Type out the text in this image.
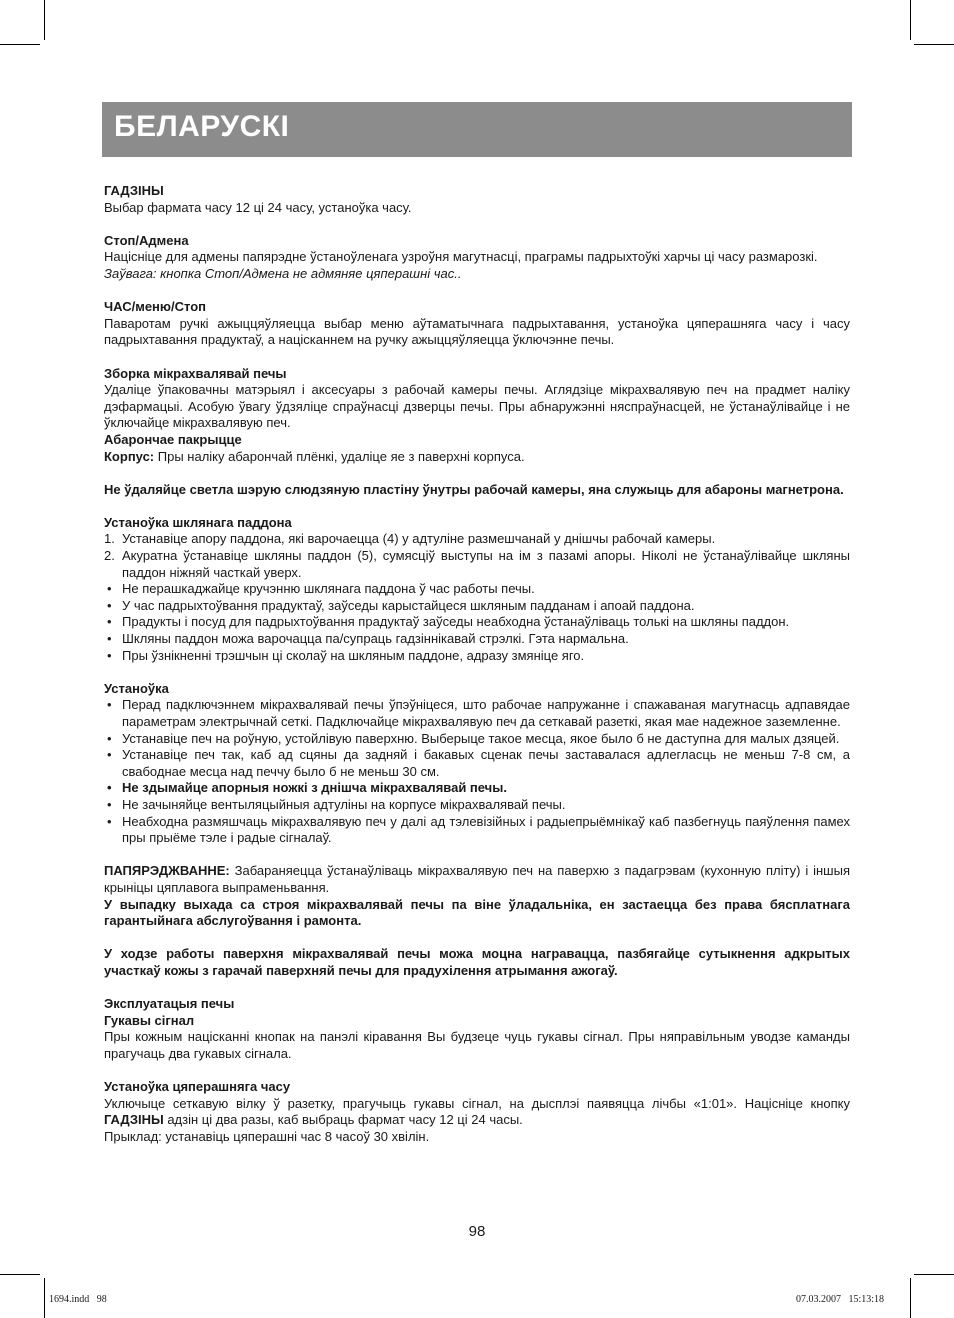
БЕЛАРУСКІ

ГАДЗІНЫ

Выбар фармата часу 12 ці 24 часу, устаноўка часу.

Стоп/Адмена

Націсніце для адмены папярэдне ўстаноўленага узроўня магутнасці, праграмы падрыхтоўкі харчы ці часу размарозкі.

Заўвага: кнопка Стоп/Адмена не адмяняе цяперашні час..

ЧАС/меню/Стоп

Паваротам ручкі ажыццяўляецца выбар меню аўтаматычнага падрыхтавання, устаноўка цяперашняга часу і часу падрыхтавання прадуктаў, а націсканнем на ручку ажыццяўляецца ўключэнне печы.

Зборка мікрахвалявай печы

Удаліце ўпаковачны матэрыял і аксесуары з рабочай камеры печы. Аглядзіце мікрахвалявую печ на прадмет наліку дэфармацыі. Асобую ўвагу ўдзяліце спраўнасці дзверцы печы. Пры абнаружэнні няспраўнасцей, не ўстанаўлівайце і не ўключайце мікрахвалявую печ.

Абарончае пакрыцце

Корпус: Пры наліку абарончай плёнкі, удаліце яе з паверхні корпуса.

Не ўдаляйце светла шэрую слюдзяную пластіну ўнутры рабочай камеры, яна служыць для абароны магнетрона.

Устаноўка шклянага паддона

1. Устанавіце апору паддона, які варочаецца (4) у адтуліне размешчанай у днішчы рабочай камеры.
2. Акуратна ўстанавіце шкляны паддон (5), сумясціў выступы на ім з пазамі апоры. Ніколі не ўстанаўлівайце шкляны паддон ніжняй часткай уверх.
• Не перашкаджайце кручэнню шклянага паддона ў час работы печы.
• У час падрыхтоўвання прадуктаў, заўседы карыстайцеся шкляным падданам і апоай паддона.
• Прадукты і посуд для падрыхтоўвання прадуктаў заўседы неабходна ўстанаўліваць толькі на шкляны паддон.
• Шкляны паддон можа варочацца па/супраць гадзіннікавай стрэлкі. Гэта нармальна.
• Пры ўзнікненні трэшчын ці сколаў на шкляным паддоне, адразу змяніце яго.

Устаноўка

• Перад падключэннем мікрахвалявай печы ўпэўніцеся, што рабочае напружанне і спажаваная магутнасць адпавядае параметрам электрычнай сеткі. Падключайце мікрахвалявую печ да сеткавай разеткі, якая мае надежное заземленне.
• Устанавіце печ на роўную, устойлівую паверхню. Выберыце такое месца, якое было б не даступна для малых дзяцей.
• Устанавіце печ так, каб ад сцяны да задняй і бакавых сценак печы заставалася адлегласць не меньш 7-8 см, а свабоднае месца над печчу было б не меньш 30 см.
• Не здымайце апорныя ножкі з днішча мікрахвалявай печы.
• Не зачыняйце вентыляцыйныя адтуліны на корпусе мікрахвалявай печы.
• Неабходна размяшчаць мікрахвалявую печ у далі ад тэлевізійных і радыепрыёмнікаў каб пазбегнуць паяўлення памех пры прыёме тэле і радые сігналаў.

ПАПЯРЭДЖВАННЕ: Забараняецца ўстанаўліваць мікрахвалявую печ на паверхю з падагрэвам (кухонную пліту) і іншыя крыніцы цяплавога выпраменьвання.

У выпадку выхада са строя мікрахвалявай печы па віне ўладальніка, ен застаецца без права бясплатнага гарантыйнага абслугоўвання і рамонта.

У ходзе работы паверхня мікрахвалявай печы можа моцна награвацца, пазбягайце сутыкнення адкрытых участкаў кожы з гарачай паверхняй печы для прадухілення атрымання ажогаў.

Эксплуатацыя печы

Гукавы сігнал

Пры кожным націсканні кнопак на панэлі кіравання Вы будзеце чуць гукавы сігнал. Пры няправільным уводзе каманды прагучаць два гукавых сігнала.

Устаноўка цяперашняга часу

Уключыце сеткавую вілку ў разетку, прагучыць гукавы сігнал, на дысплэі паявяцца лічбы «1:01». Націсніце кнопку ГАДЗІНЫ адзін ці два разы, каб выбраць фармат часу 12 ці 24 часы.

Прыклад: устанавіць цяперашні час 8 часоў 30 хвілін.

98
1694.indd   98	07.03.2007   15:13:18
